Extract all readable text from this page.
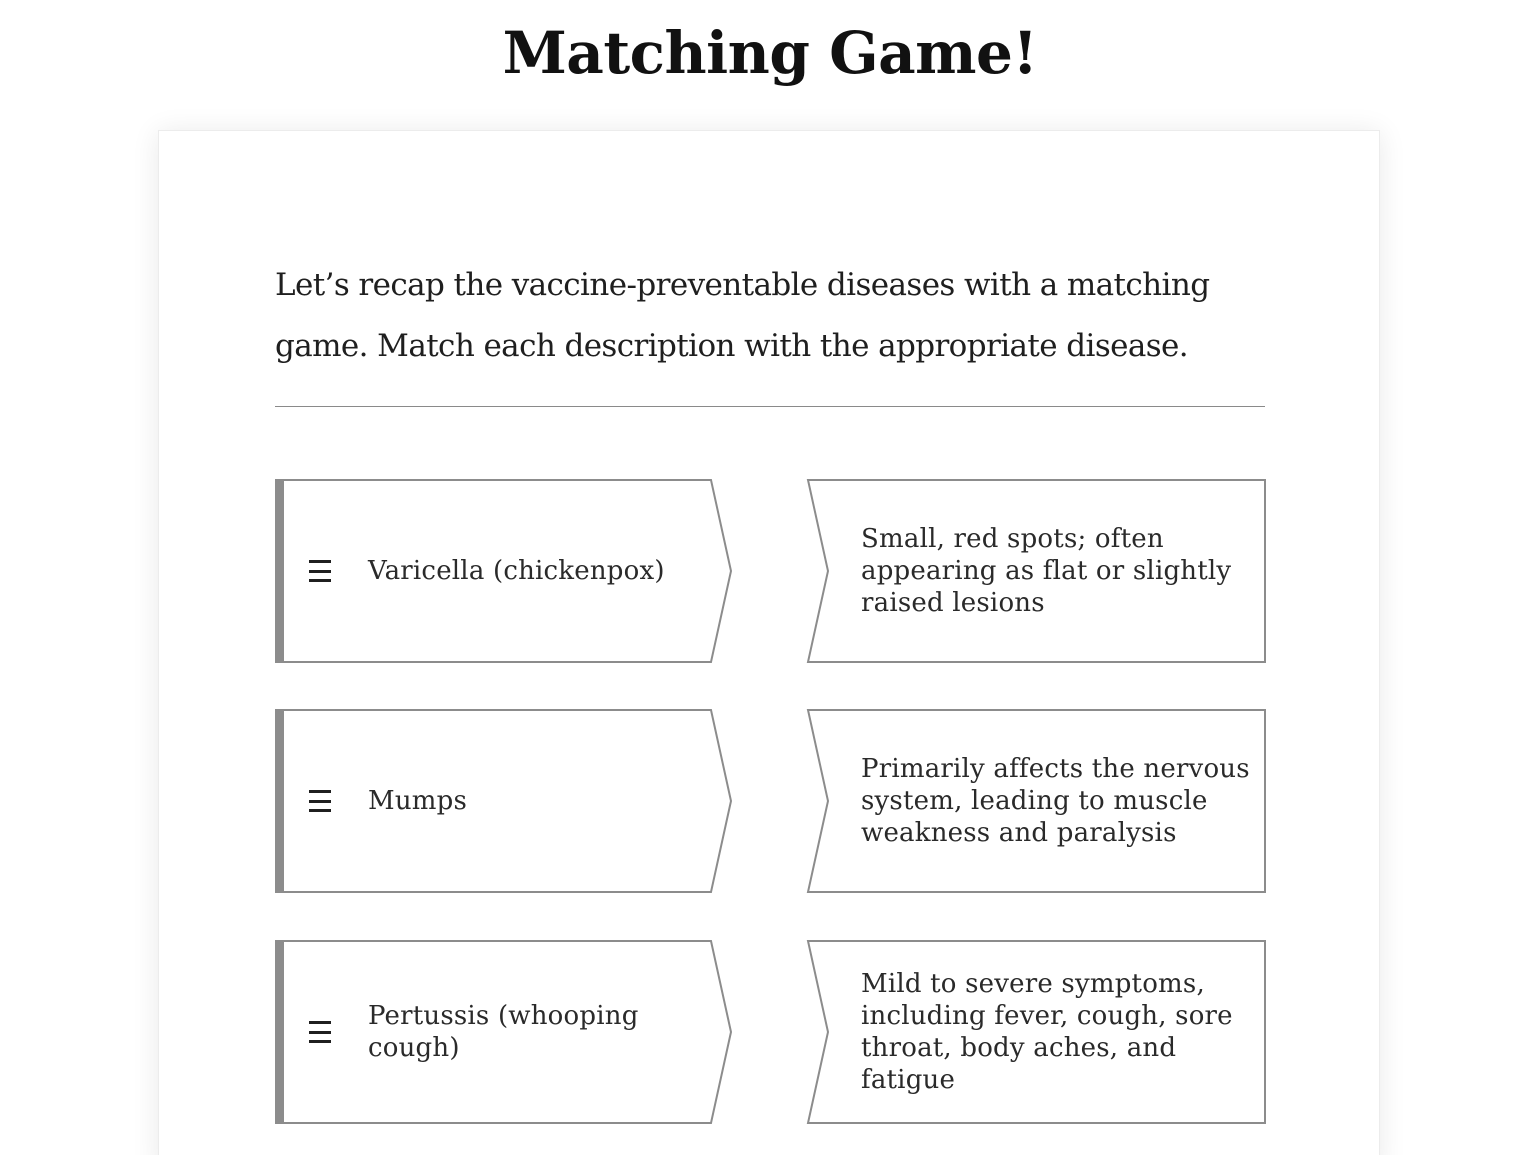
Matching Game!

Let’s recap the vaccine-preventable diseases with a matching game. Match each description with the appropriate disease.

Varicella (chickenpox)
Small, red spots; often appearing as flat or slightly raised lesions
Mumps
Primarily affects the nervous system, leading to muscle weakness and paralysis
Pertussis (whooping cough)
Mild to severe symptoms, including fever, cough, sore throat, body aches, and fatigue
